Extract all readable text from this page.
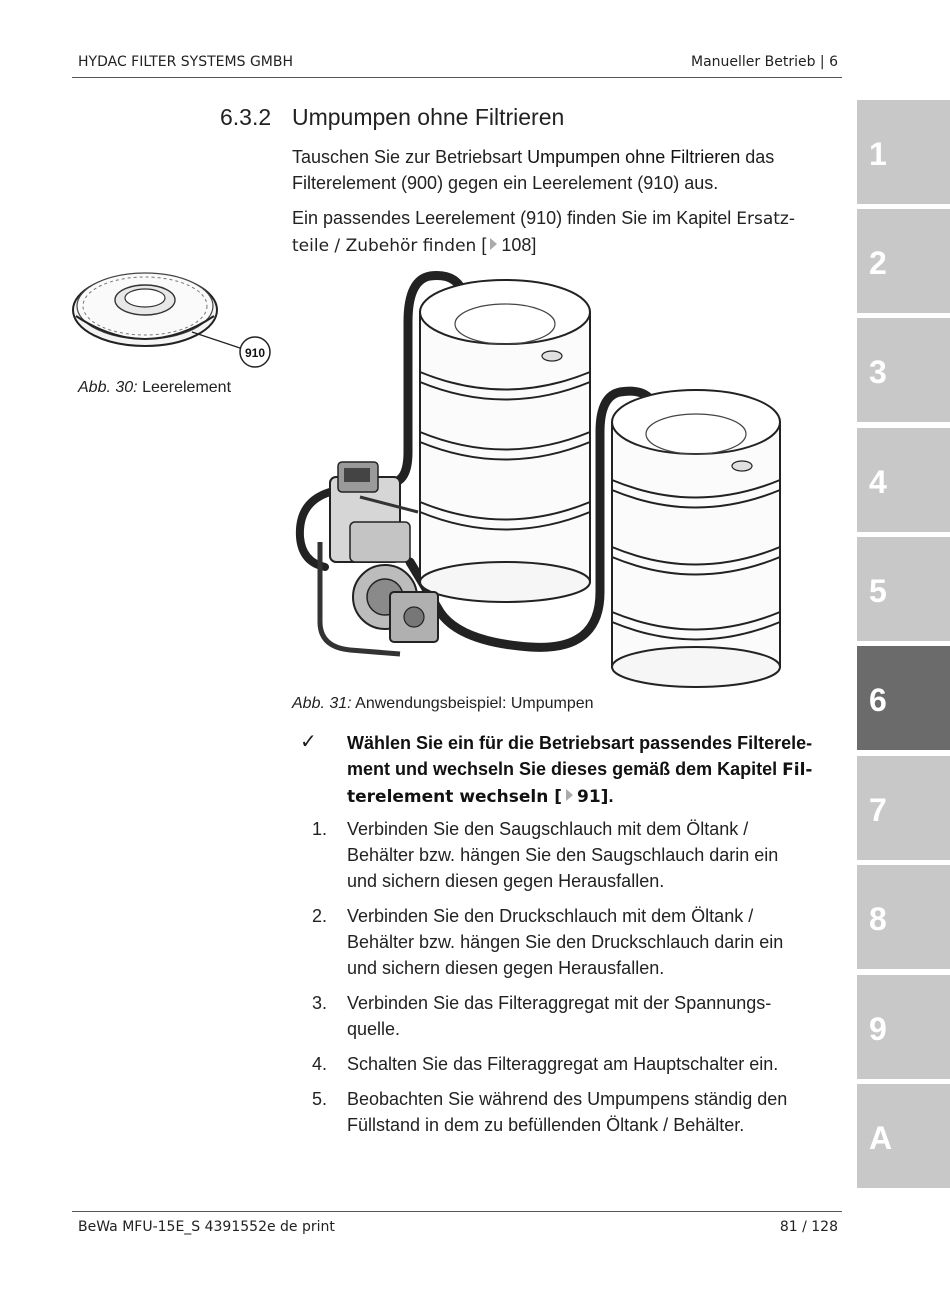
HYDAC FILTER SYSTEMS GMBH	Manueller Betrieb | 6
1
2
3
4
5
6
7
8
9
A
6.3.2 Umpumpen ohne Filtrieren
Tauschen Sie zur Betriebsart Umpumpen ohne Filtrieren das
Filterelement (900) gegen ein Leerelement (910) aus.
Ein passendes Leerelement (910) finden Sie im Kapitel Ersatz-
teile / Zubehör finden [ 108]
910
Abb. 30: Leerelement
Abb. 31: Anwendungsbeispiel: Umpumpen
✓ Wählen Sie ein für die Betriebsart passendes Filterele-
ment und wechseln Sie dieses gemäß dem Kapitel Fil-
terelement wechseln [ 91].
1.	Verbinden Sie den Saugschlauch mit dem Öltank /
Behälter bzw. hängen Sie den Saugschlauch darin ein
und sichern diesen gegen Herausfallen.
2.	Verbinden Sie den Druckschlauch mit dem Öltank /
Behälter bzw. hängen Sie den Druckschlauch darin ein
und sichern diesen gegen Herausfallen.
3.	Verbinden Sie das Filteraggregat mit der Spannungs-
quelle.
4.	Schalten Sie das Filteraggregat am Hauptschalter ein.
5.	Beobachten Sie während des Umpumpens ständig den
Füllstand in dem zu befüllenden Öltank / Behälter.
BeWa MFU-15E_S 4391552e de print	81 / 128
